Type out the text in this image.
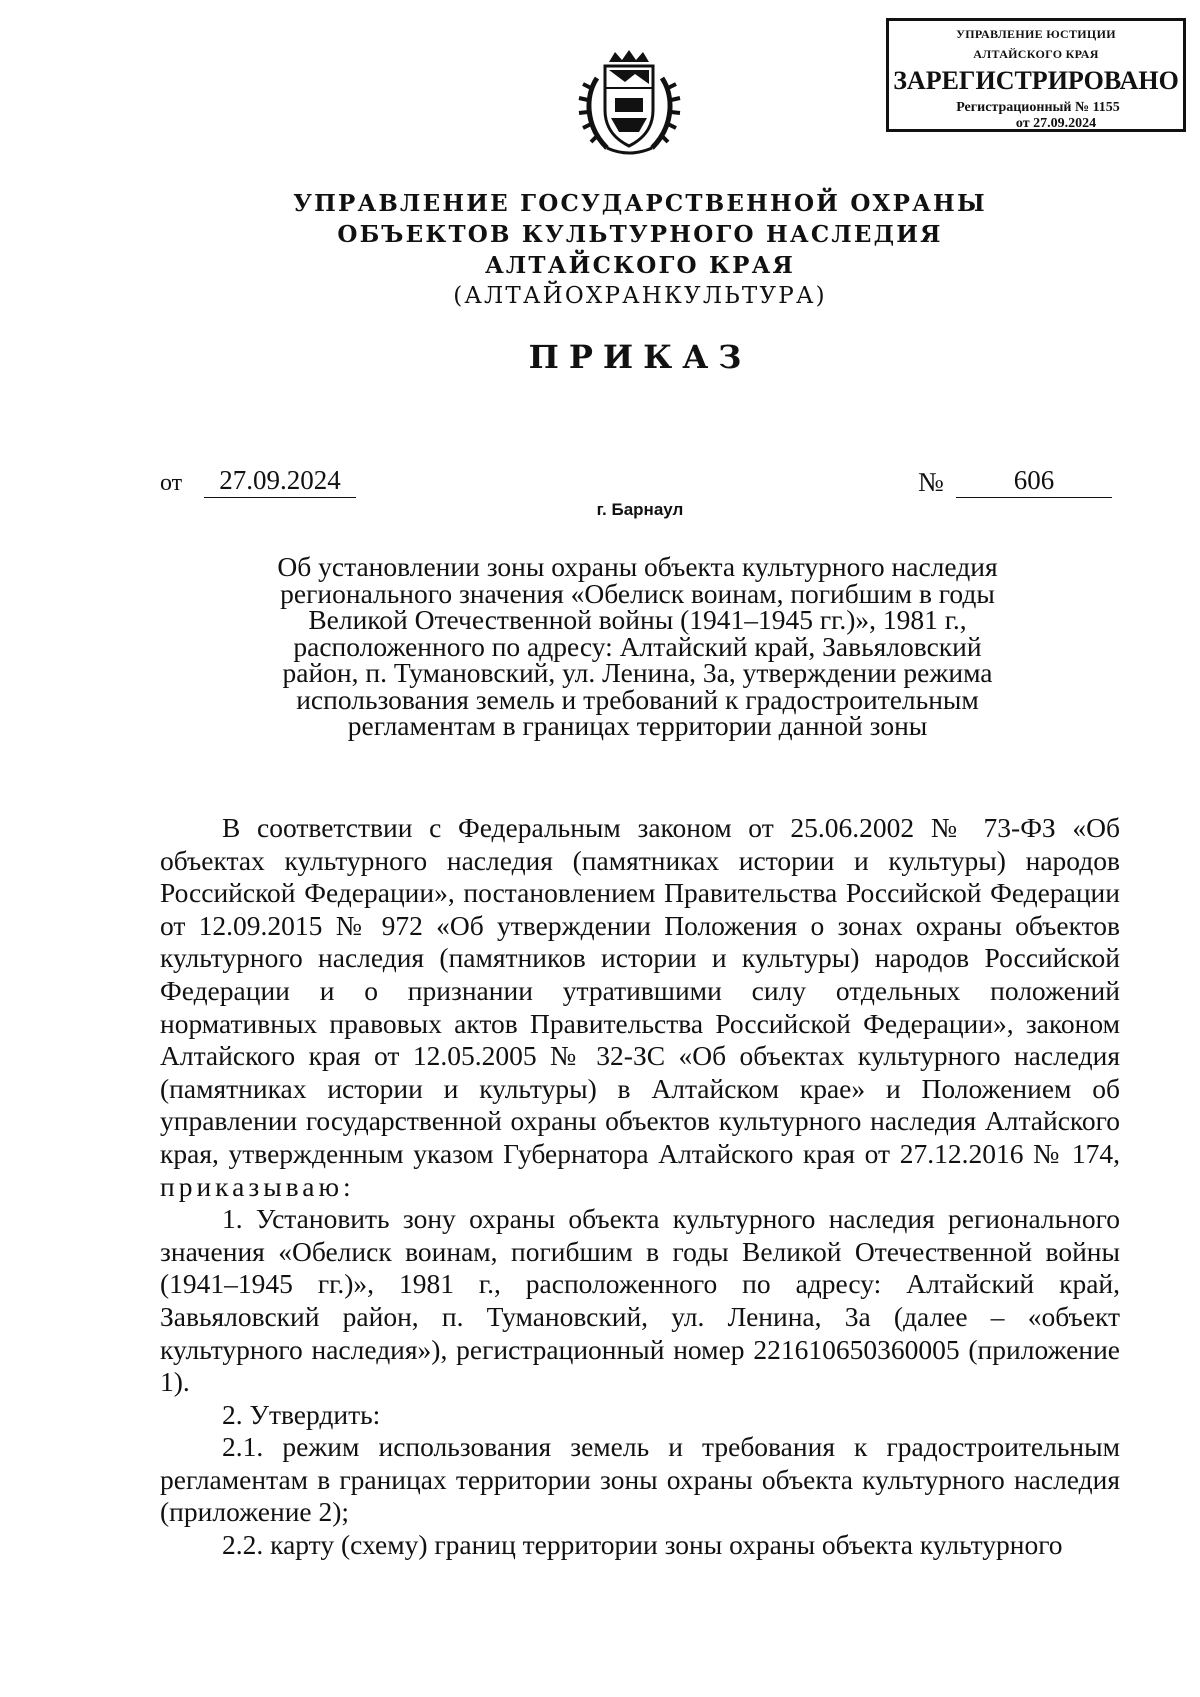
УПРАВЛЕНИЕ ЮСТИЦИИ
АЛТАЙСКОГО КРАЯ
ЗАРЕГИСТРИРОВАНО
Регистрационный № 1155
от 27.09.2024
УПРАВЛЕНИЕ ГОСУДАРСТВЕННОЙ ОХРАНЫ
ОБЪЕКТОВ КУЛЬТУРНОГО НАСЛЕДИЯ
АЛТАЙСКОГО КРАЯ
(АЛТАЙОХРАНКУЛЬТУРА)
ПРИКАЗ
от	27.09.2024	№	606
г. Барнаул
Об установлении зоны охраны объекта культурного наследия
регионального значения «Обелиск воинам, погибшим в годы
Великой Отечественной войны (1941–1945 гг.)», 1981 г.,
расположенного по адресу: Алтайский край, Завьяловский
район, п. Тумановский, ул. Ленина, 3а, утверждении режима
использования земель и требований к градостроительным
регламентам в границах территории данной зоны

В соответствии с Федеральным законом от 25.06.2002 № 73-ФЗ «Об объектах культурного наследия (памятниках истории и культуры) народов Российской Федерации», постановлением Правительства Российской Федерации от 12.09.2015 № 972 «Об утверждении Положения о зонах охраны объектов культурного наследия (памятников истории и культуры) народов Российской Федерации и о признании утратившими силу отдельных положений нормативных правовых актов Правительства Российской Федерации», законом Алтайского края от 12.05.2005 № 32-ЗС «Об объектах культурного наследия (памятниках истории и культуры) в Алтайском крае» и Положением об управлении государственной охраны объектов культурного наследия Алтайского края, утвержденным указом Губернатора Алтайского края от 27.12.2016 № 174, приказываю:

1. Установить зону охраны объекта культурного наследия регионального значения «Обелиск воинам, погибшим в годы Великой Отечественной войны (1941–1945 гг.)», 1981 г., расположенного по адресу: Алтайский край, Завьяловский район, п. Тумановский, ул. Ленина, 3а (далее – «объект культурного наследия»), регистрационный номер 221610650360005 (приложение 1).

2. Утвердить:

2.1. режим использования земель и требования к градостроительным регламентам в границах территории зоны охраны объекта культурного наследия (приложение 2);

2.2. карту (схему) границ территории зоны охраны объекта культурного
